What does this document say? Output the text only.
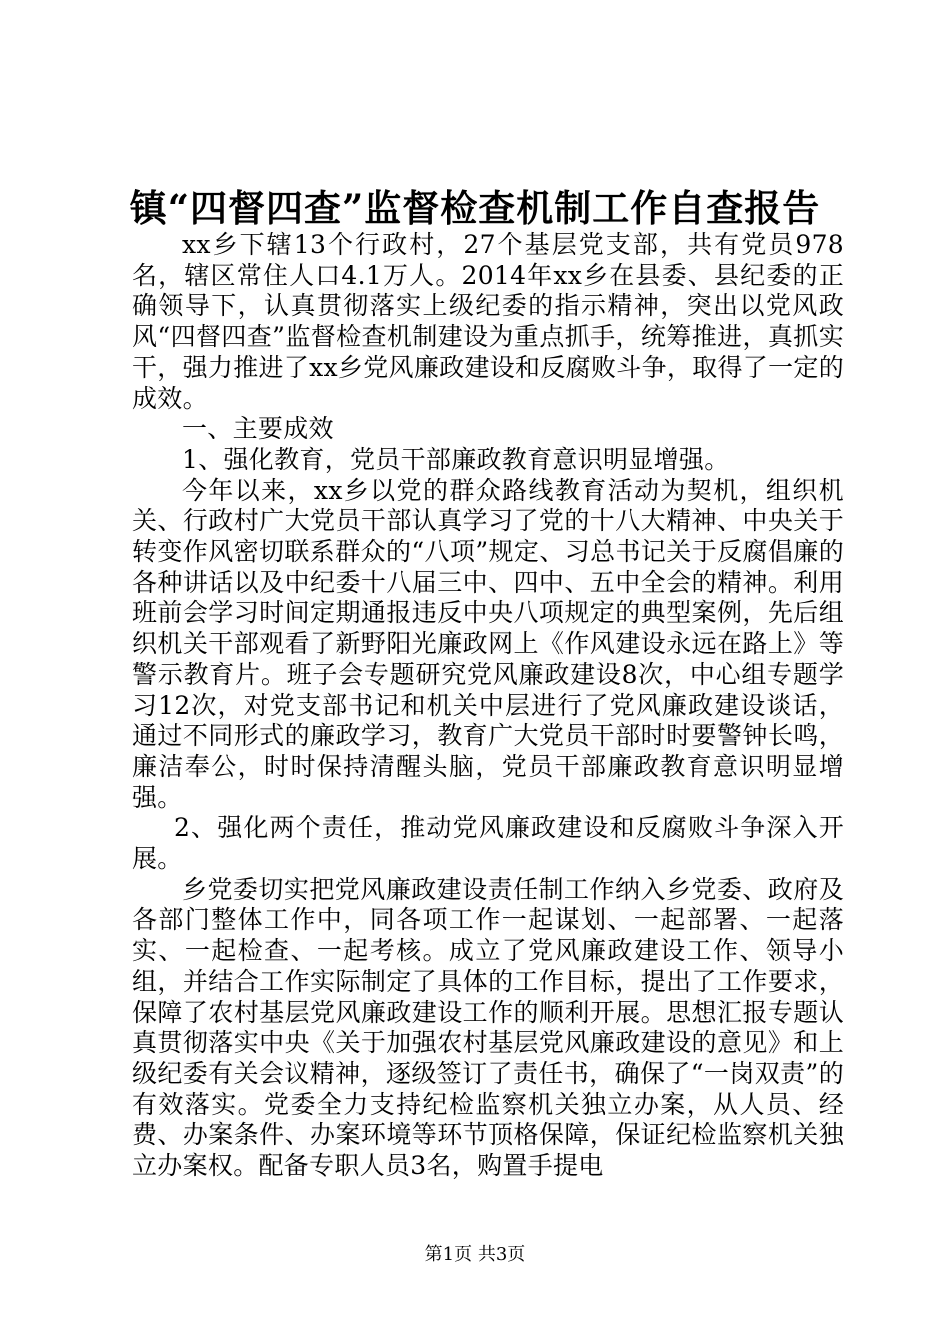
镇“四督四查”监督检查机制工作自查报告

xx乡下辖13个行政村，27个基层党支部，共有党员978名，辖区常住人口4.1万人。2014年xx乡在县委、县纪委的正确领导下，认真贯彻落实上级纪委的指示精神，突出以党风政风“四督四查”监督检查机制建设为重点抓手，统筹推进，真抓实干，强力推进了xx乡党风廉政建设和反腐败斗争，取得了一定的成效。

一、主要成效

1、强化教育，党员干部廉政教育意识明显增强。

今年以来，xx乡以党的群众路线教育活动为契机，组织机关、行政村广大党员干部认真学习了党的十八大精神、中央关于转变作风密切联系群众的“八项”规定、习总书记关于反腐倡廉的各种讲话以及中纪委十八届三中、四中、五中全会的精神。利用班前会学习时间定期通报违反中央八项规定的典型案例，先后组织机关干部观看了新野阳光廉政网上《作风建设永远在路上》等警示教育片。班子会专题研究党风廉政建设8次，中心组专题学习12次，对党支部书记和机关中层进行了党风廉政建设谈话，通过不同形式的廉政学习，教育广大党员干部时时要警钟长鸣，廉洁奉公，时时保持清醒头脑，党员干部廉政教育意识明显增强。

2、强化两个责任，推动党风廉政建设和反腐败斗争深入开展。

乡党委切实把党风廉政建设责任制工作纳入乡党委、政府及各部门整体工作中，同各项工作一起谋划、一起部署、一起落实、一起检查、一起考核。成立了党风廉政建设工作、领导小组，并结合工作实际制定了具体的工作目标，提出了工作要求，保障了农村基层党风廉政建设工作的顺利开展。思想汇报专题认真贯彻落实中央《关于加强农村基层党风廉政建设的意见》和上级纪委有关会议精神，逐级签订了责任书，确保了“一岗双责”的有效落实。党委全力支持纪检监察机关独立办案，从人员、经费、办案条件、办案环境等环节顶格保障，保证纪检监察机关独立办案权。配备专职人员3名，购置手提电

第1页 共3页
